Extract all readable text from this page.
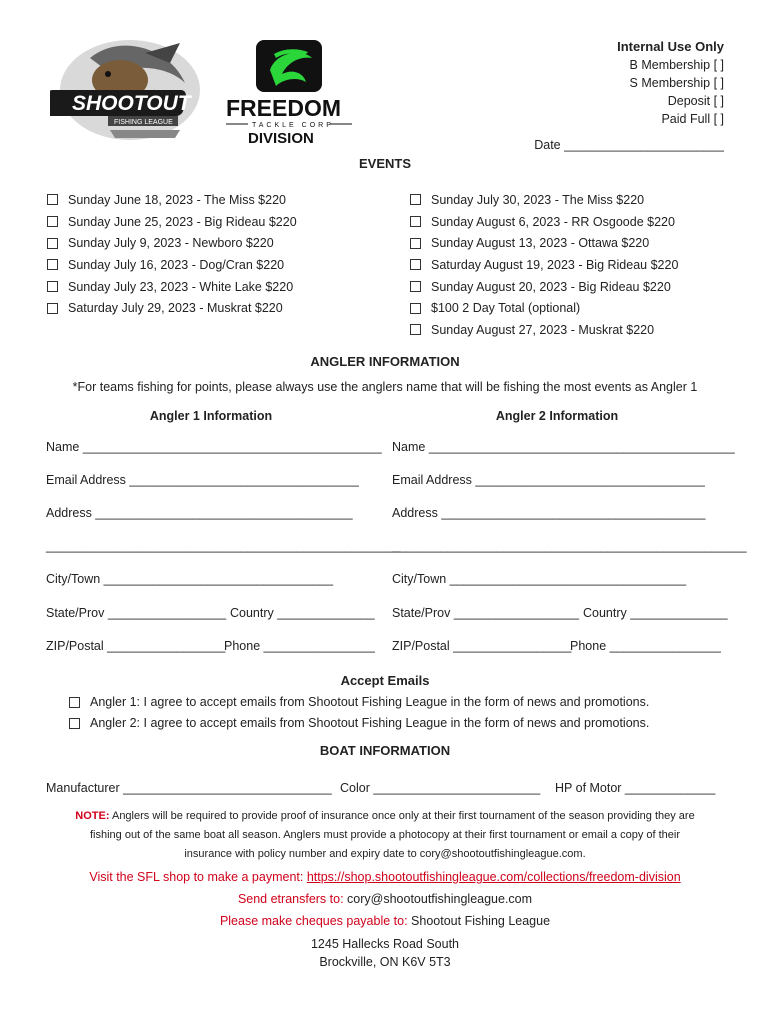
SHOOTOUT
FISHING LEAGUE
FREEDOM
TACKLE CORP
DIVISION
Internal Use Only
B Membership [ ]
S Membership [ ]
Deposit [ ]
Paid Full [ ]
Date _______________________
EVENTS
Sunday June 18, 2023 - The Miss $220
Sunday June 25, 2023 - Big Rideau $220
Sunday July 9, 2023 - Newboro $220
Sunday July 16, 2023 - Dog/Cran $220
Sunday July 23, 2023 - White Lake $220
Saturday July 29, 2023 - Muskrat $220
Sunday July 30, 2023 - The Miss $220
Sunday August 6, 2023 - RR Osgoode $220
Sunday August 13, 2023 - Ottawa $220
Saturday August 19, 2023 - Big Rideau $220
Sunday August 20, 2023 - Big Rideau $220
$100 2 Day Total (optional)
Sunday August 27, 2023 - Muskrat $220
ANGLER INFORMATION
*For teams fishing for points, please always use the anglers name that will be fishing the most events as Angler 1
Angler 1 Information	Angler 2 Information
Name ___________________________________________
Email Address _________________________________
Address _____________________________________
___________________________________________________
City/Town _________________________________
State/Prov _________________ Country ______________
ZIP/Postal _________________
Phone ________________
Name ____________________________________________
Email Address _________________________________
Address ______________________________________
___________________________________________________
City/Town __________________________________
State/Prov __________________ Country ______________
ZIP/Postal _________________
Phone ________________
Accept Emails
Angler 1: I agree to accept emails from Shootout Fishing League in the form of news and promotions.
Angler 2: I agree to accept emails from Shootout Fishing League in the form of news and promotions.
BOAT INFORMATION
Manufacturer ______________________________ Color ________________________ HP of Motor _____________
NOTE: Anglers will be required to provide proof of insurance once only at their first tournament of the season providing they are
fishing out of the same boat all season. Anglers must provide a photocopy at their first tournament or email a copy of their
insurance with policy number and expiry date to cory@shootoutfishingleague.com.
Visit the SFL shop to make a payment: https://shop.shootoutfishingleague.com/collections/freedom-division
Send etransfers to: cory@shootoutfishingleague.com
Please make cheques payable to: Shootout Fishing League
1245 Hallecks Road South
Brockville, ON K6V 5T3
